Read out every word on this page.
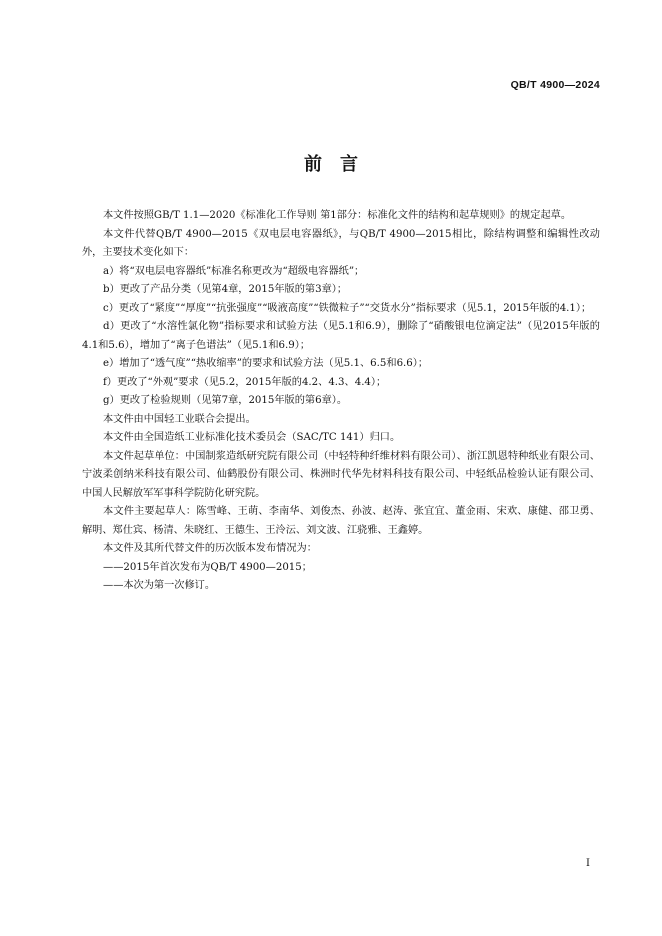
QB/T 4900—2024
前　言

本文件按照GB/T 1.1—2020《标准化工作导则 第1部分：标准化文件的结构和起草规则》的规定起草。

本文件代替QB/T 4900—2015《双电层电容器纸》，与QB/T 4900—2015相比，除结构调整和编辑性改动外，主要技术变化如下：

a）将“双电层电容器纸”标准名称更改为“超级电容器纸”；

b）更改了产品分类（见第4章，2015年版的第3章）；

c）更改了“紧度”“厚度”“抗张强度”“吸液高度”“铁微粒子”“交货水分”指标要求（见5.1，2015年版的4.1）；

d）更改了“水溶性氯化物”指标要求和试验方法（见5.1和6.9），删除了“硝酸银电位滴定法”（见2015年版的4.1和5.6），增加了“离子色谱法”（见5.1和6.9）；

e）增加了“透气度”“热收缩率”的要求和试验方法（见5.1、6.5和6.6）；

f）更改了“外观”要求（见5.2，2015年版的4.2、4.3、4.4）；

g）更改了检验规则（见第7章，2015年版的第6章）。

本文件由中国轻工业联合会提出。

本文件由全国造纸工业标准化技术委员会（SAC/TC 141）归口。

本文件起草单位：中国制浆造纸研究院有限公司（中轻特种纤维材料有限公司）、浙江凯恩特种纸业有限公司、宁波柔创纳米科技有限公司、仙鹤股份有限公司、株洲时代华先材料科技有限公司、中轻纸品检验认证有限公司、中国人民解放军军事科学院防化研究院。

本文件主要起草人：陈雪峰、王萌、李南华、刘俊杰、孙波、赵涛、张宜宜、董金雨、宋欢、康健、邵卫勇、解明、郑仕宾、杨清、朱晓红、王德生、王泠沄、刘文波、江骁雅、王鑫婷。

本文件及其所代替文件的历次版本发布情况为：

——2015年首次发布为QB/T 4900—2015；

——本次为第一次修订。

I
